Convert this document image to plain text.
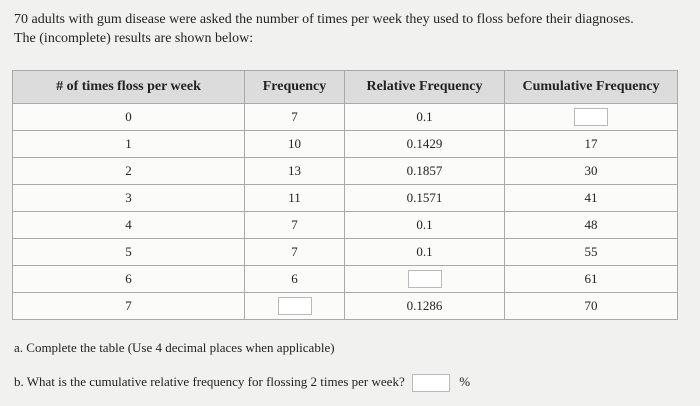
70 adults with gum disease were asked the number of times per week they used to floss before their diagnoses.

The (incomplete) results are shown below:

# of times floss per week	Frequency	Relative Frequency	Cumulative Frequency
0	7	0.1	
1	10	0.1429	17
2	13	0.1857	30
3	11	0.1571	41
4	7	0.1	48
5	7	0.1	55
6	6		61
7		0.1286	70
a. Complete the table (Use 4 decimal places when applicable)
b. What is the cumulative relative frequency for flossing 2 times per week?	%
